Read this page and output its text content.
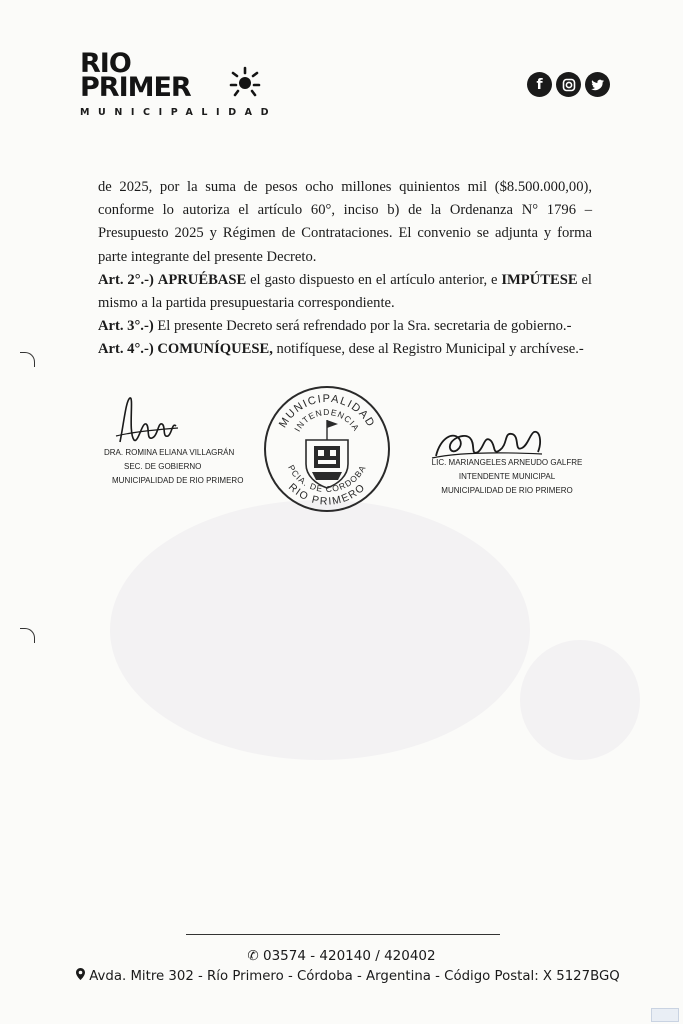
RIO
PRIMER
MUNICIPALIDAD
f

de 2025, por la suma de pesos ocho millones quinientos mil ($8.500.000,00), conforme lo autoriza el artículo 60°, inciso b) de la Ordenanza N° 1796 – Presupuesto 2025 y Régimen de Contrataciones. El convenio se adjunta y forma parte integrante del presente Decreto.

Art. 2°.-) APRUÉBASE el gasto dispuesto en el artículo anterior, e IMPÚTESE el mismo a la partida presupuestaria correspondiente.

Art. 3°.-) El presente Decreto será refrendado por la Sra. secretaria de gobierno.-

Art. 4°.-) COMUNÍQUESE, notifíquese, dese al Registro Municipal y archívese.-

DRA. ROMINA ELIANA VILLAGRÁN
SEC. DE GOBIERNO
MUNICIPALIDAD DE RIO PRIMERO
MUNICIPALIDAD
INTENDENCIA
PCIA. DE CORDOBA
RIO PRIMERO
LIC. MARIANGELES ARNEUDO GALFRE
INTENDENTE MUNICIPAL
MUNICIPALIDAD DE RIO PRIMERO
✆ 03574 - 420140 / 420402
Avda. Mitre 302 - Río Primero - Córdoba - Argentina - Código Postal: X 5127BGQ
